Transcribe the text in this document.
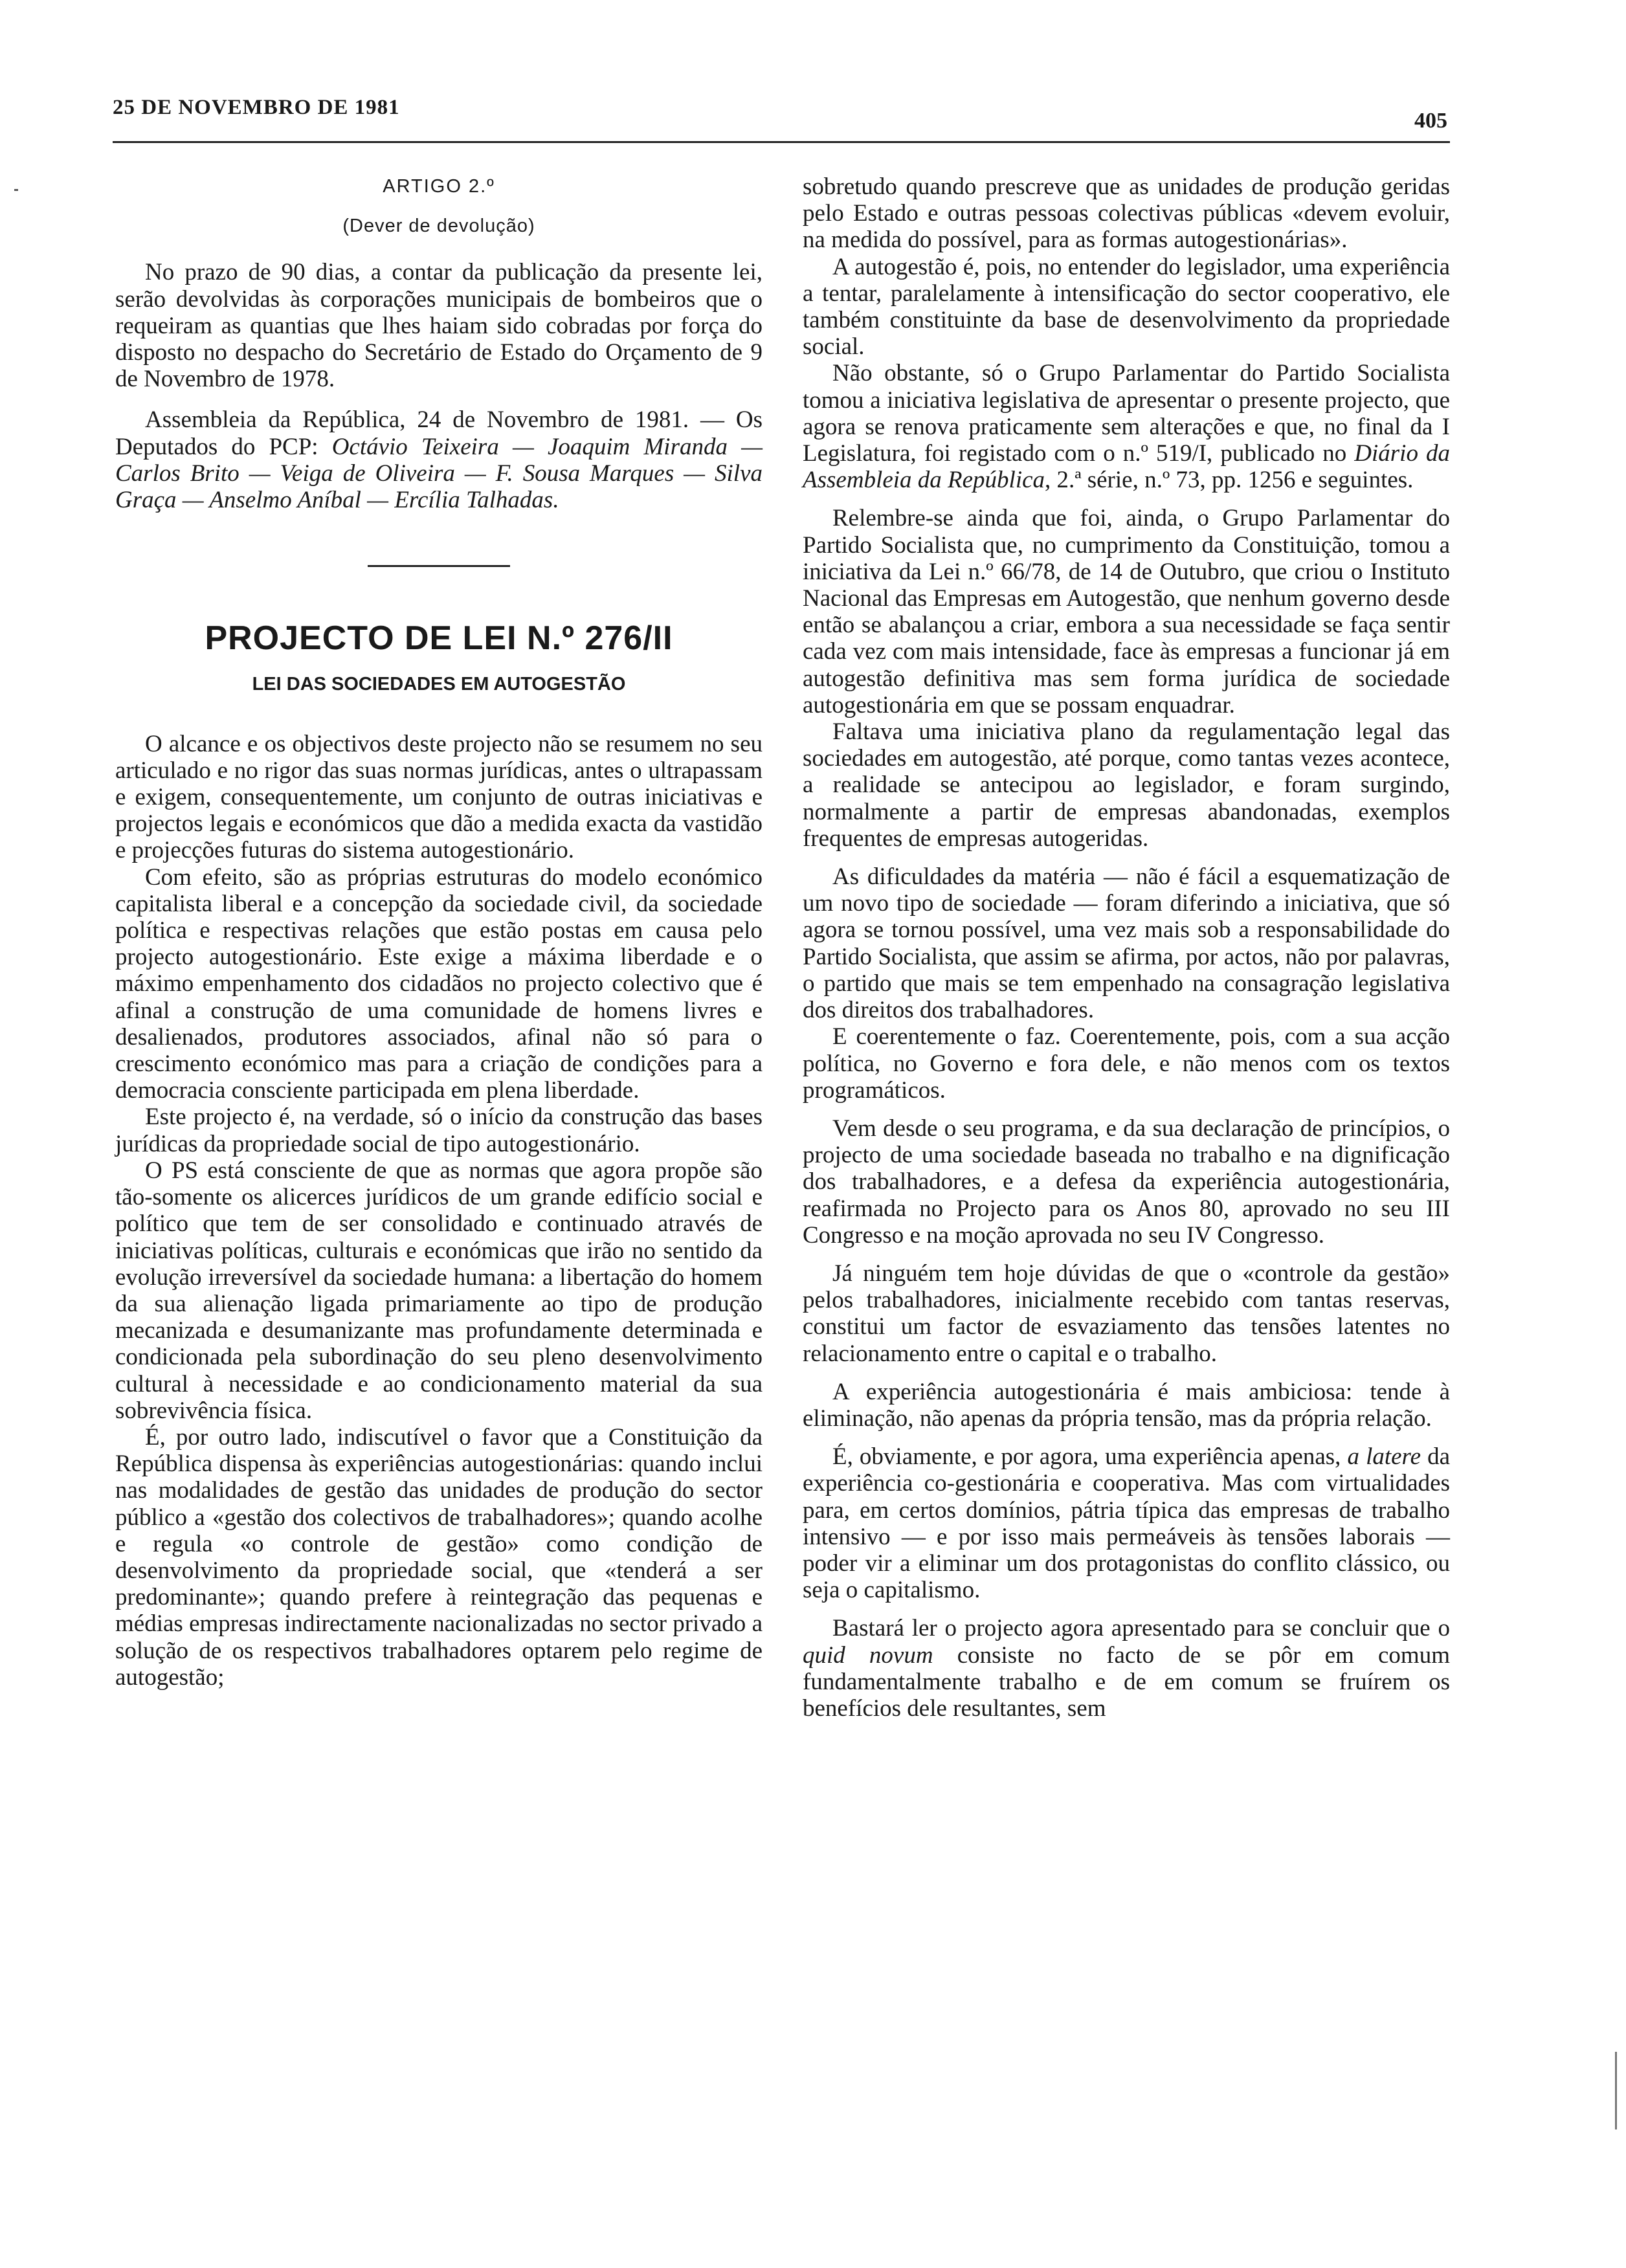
25 DE NOVEMBRO DE 1981
405
ARTIGO 2.º
(Dever de devolução)

No prazo de 90 dias, a contar da publicação da presente lei, serão devolvidas às corporações municipais de bombeiros que o requeiram as quantias que lhes haiam sido cobradas por força do disposto no despacho do Secretário de Estado do Orçamento de 9 de Novembro de 1978.

Assembleia da República, 24 de Novembro de 1981. — Os Deputados do PCP: Octávio Teixeira — Joaquim Miranda — Carlos Brito — Veiga de Oliveira — F. Sousa Marques — Silva Graça — Anselmo Aníbal — Ercília Talhadas.

PROJECTO DE LEI N.º 276/II
LEI DAS SOCIEDADES EM AUTOGESTÃO

O alcance e os objectivos deste projecto não se resumem no seu articulado e no rigor das suas normas jurídicas, antes o ultrapassam e exigem, consequentemente, um conjunto de outras iniciativas e projectos legais e económicos que dão a medida exacta da vastidão e projecções futuras do sistema autogestionário.

Com efeito, são as próprias estruturas do modelo económico capitalista liberal e a concepção da sociedade civil, da sociedade política e respectivas relações que estão postas em causa pelo projecto autogestionário. Este exige a máxima liberdade e o máximo empenhamento dos cidadãos no projecto colectivo que é afinal a construção de uma comunidade de homens livres e desalienados, produtores associados, afinal não só para o crescimento económico mas para a criação de condições para a democracia consciente participada em plena liberdade.

Este projecto é, na verdade, só o início da construção das bases jurídicas da propriedade social de tipo autogestionário.

O PS está consciente de que as normas que agora propõe são tão-somente os alicerces jurídicos de um grande edifício social e político que tem de ser consolidado e continuado através de iniciativas políticas, culturais e económicas que irão no sentido da evolução irreversível da sociedade humana: a libertação do homem da sua alienação ligada primariamente ao tipo de produção mecanizada e desumanizante mas profundamente determinada e condicionada pela subordinação do seu pleno desenvolvimento cultural à necessidade e ao condicionamento material da sua sobrevivência física.

É, por outro lado, indiscutível o favor que a Constituição da República dispensa às experiências autogestionárias: quando inclui nas modalidades de gestão das unidades de produção do sector público a «gestão dos colectivos de trabalhadores»; quando acolhe e regula «o controle de gestão» como condição de desenvolvimento da propriedade social, que «tenderá a ser predominante»; quando prefere à reintegração das pequenas e médias empresas indirectamente nacionalizadas no sector privado a solução de os respectivos trabalhadores optarem pelo regime de autogestão;

sobretudo quando prescreve que as unidades de produção geridas pelo Estado e outras pessoas colectivas públicas «devem evoluir, na medida do possível, para as formas autogestionárias».

A autogestão é, pois, no entender do legislador, uma experiência a tentar, paralelamente à intensificação do sector cooperativo, ele também constituinte da base de desenvolvimento da propriedade social.

Não obstante, só o Grupo Parlamentar do Partido Socialista tomou a iniciativa legislativa de apresentar o presente projecto, que agora se renova praticamente sem alterações e que, no final da I Legislatura, foi registado com o n.º 519/I, publicado no Diário da Assembleia da República, 2.ª série, n.º 73, pp. 1256 e seguintes.

Relembre-se ainda que foi, ainda, o Grupo Parlamentar do Partido Socialista que, no cumprimento da Constituição, tomou a iniciativa da Lei n.º 66/78, de 14 de Outubro, que criou o Instituto Nacional das Empresas em Autogestão, que nenhum governo desde então se abalançou a criar, embora a sua necessidade se faça sentir cada vez com mais intensidade, face às empresas a funcionar já em autogestão definitiva mas sem forma jurídica de sociedade autogestionária em que se possam enquadrar.

Faltava uma iniciativa plano da regulamentação legal das sociedades em autogestão, até porque, como tantas vezes acontece, a realidade se antecipou ao legislador, e foram surgindo, normalmente a partir de empresas abandonadas, exemplos frequentes de empresas autogeridas.

As dificuldades da matéria — não é fácil a esquematização de um novo tipo de sociedade — foram diferindo a iniciativa, que só agora se tornou possível, uma vez mais sob a responsabilidade do Partido Socialista, que assim se afirma, por actos, não por palavras, o partido que mais se tem empenhado na consagração legislativa dos direitos dos trabalhadores.

E coerentemente o faz. Coerentemente, pois, com a sua acção política, no Governo e fora dele, e não menos com os textos programáticos.

Vem desde o seu programa, e da sua declaração de princípios, o projecto de uma sociedade baseada no trabalho e na dignificação dos trabalhadores, e a defesa da experiência autogestionária, reafirmada no Projecto para os Anos 80, aprovado no seu III Congresso e na moção aprovada no seu IV Congresso.

Já ninguém tem hoje dúvidas de que o «controle da gestão» pelos trabalhadores, inicialmente recebido com tantas reservas, constitui um factor de esvaziamento das tensões latentes no relacionamento entre o capital e o trabalho.

A experiência autogestionária é mais ambiciosa: tende à eliminação, não apenas da própria tensão, mas da própria relação.

É, obviamente, e por agora, uma experiência apenas, a latere da experiência co-gestionária e cooperativa. Mas com virtualidades para, em certos domínios, pátria típica das empresas de trabalho intensivo — e por isso mais permeáveis às tensões laborais — poder vir a eliminar um dos protagonistas do conflito clássico, ou seja o capitalismo.

Bastará ler o projecto agora apresentado para se concluir que o quid novum consiste no facto de se pôr em comum fundamentalmente trabalho e de em comum se fruírem os benefícios dele resultantes, sem
